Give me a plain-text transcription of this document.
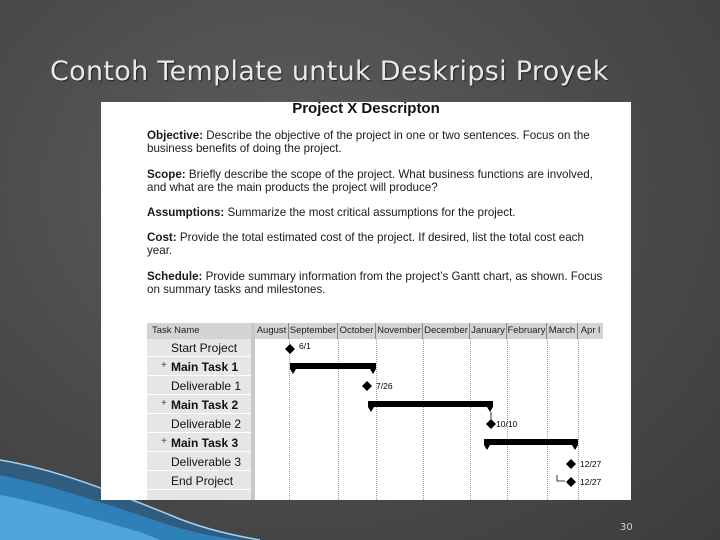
Contoh Template untuk Deskripsi Proyek
Project X Descripton
Objective: Describe the objective of the project in one or two sentences. Focus on the business benefits of doing the project.
Scope: Briefly describe the scope of the project. What business functions are involved, and what are the main products the project will produce?
Assumptions: Summarize the most critical assumptions for the project.
Cost: Provide the total estimated cost of the project. If desired, list the total cost each year.
Schedule: Provide summary information from the project’s Gantt chart, as shown. Focus on summary tasks and milestones.
Task Name
Start Project
+ Main Task 1
Deliverable 1
+ Main Task 2
Deliverable 2
+ Main Task 3
Deliverable 3
End Project
August September October November December January February March Apr l
6/1
7/26
10/10
12/27
12/27
30
